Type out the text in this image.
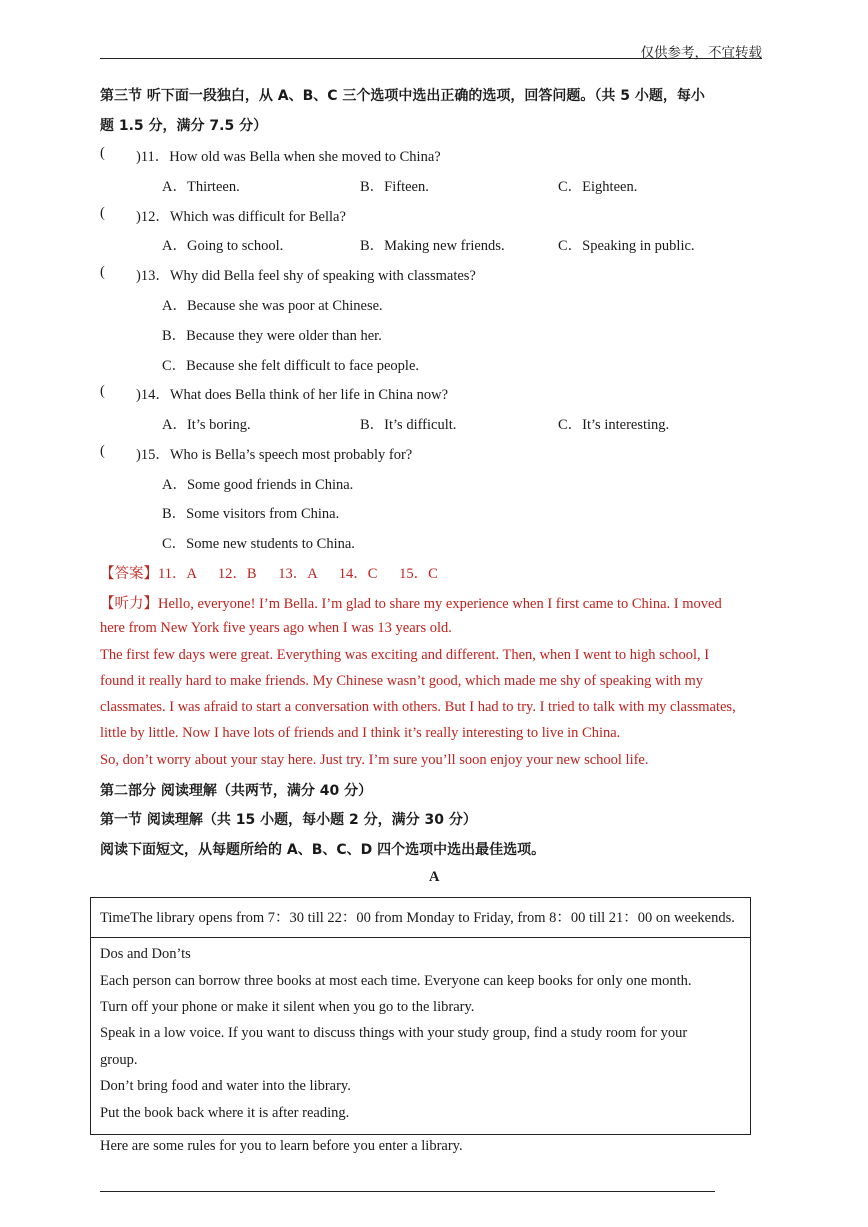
仅供参考，不宜转载
第三节 听下面一段独白，从 A、B、C 三个选项中选出正确的选项，回答问题。（共 5 小题，每小
题 1.5 分，满分 7.5 分）
( )11．How old was Bella when she moved to China?
A．Thirteen.	B．Fifteen.	C．Eighteen.
( )12．Which was difficult for Bella?
A．Going to school.	B．Making new friends.	C．Speaking in public.
( )13．Why did Bella feel shy of speaking with classmates?
A．Because she was poor at Chinese.
B．Because they were older than her.
C．Because she felt difficult to face people.
( )14．What does Bella think of her life in China now?
A．It’s boring.	B．It’s difficult.	C．It’s interesting.
( )15．Who is Bella’s speech most probably for?
A．Some good friends in China.
B．Some visitors from China.
C．Some new students to China.
【答案】11．A      12．B      13．A      14．C      15．C
【听力】Hello, everyone! I’m Bella. I’m glad to share my experience when I first came to China. I moved
here from New York five years ago when I was 13 years old.
The first few days were great. Everything was exciting and different. Then, when I went to high school, I
found it really hard to make friends. My Chinese wasn’t good, which made me shy of speaking with my
classmates. I was afraid to start a conversation with others. But I had to try. I tried to talk with my classmates,
little by little. Now I have lots of friends and I think it’s really interesting to live in China.
So, don’t worry about your stay here. Just try. I’m sure you’ll soon enjoy your new school life.
第二部分 阅读理解（共两节，满分 40 分）
第一节 阅读理解（共 15 小题，每小题 2 分，满分 30 分）
阅读下面短文，从每题所给的 A、B、C、D 四个选项中选出最佳选项。
A
TimeThe library opens from 7：30 till 22：00 from Monday to Friday, from 8：00 till 21：00 on weekends.
Dos and Don’ts
Each person can borrow three books at most each time. Everyone can keep books for only one month.
Turn off your phone or make it silent when you go to the library.
Speak in a low voice. If you want to discuss things with your study group, find a study room for your
group.
Don’t bring food and water into the library.
Put the book back where it is after reading.
Here are some rules for you to learn before you enter a library.
